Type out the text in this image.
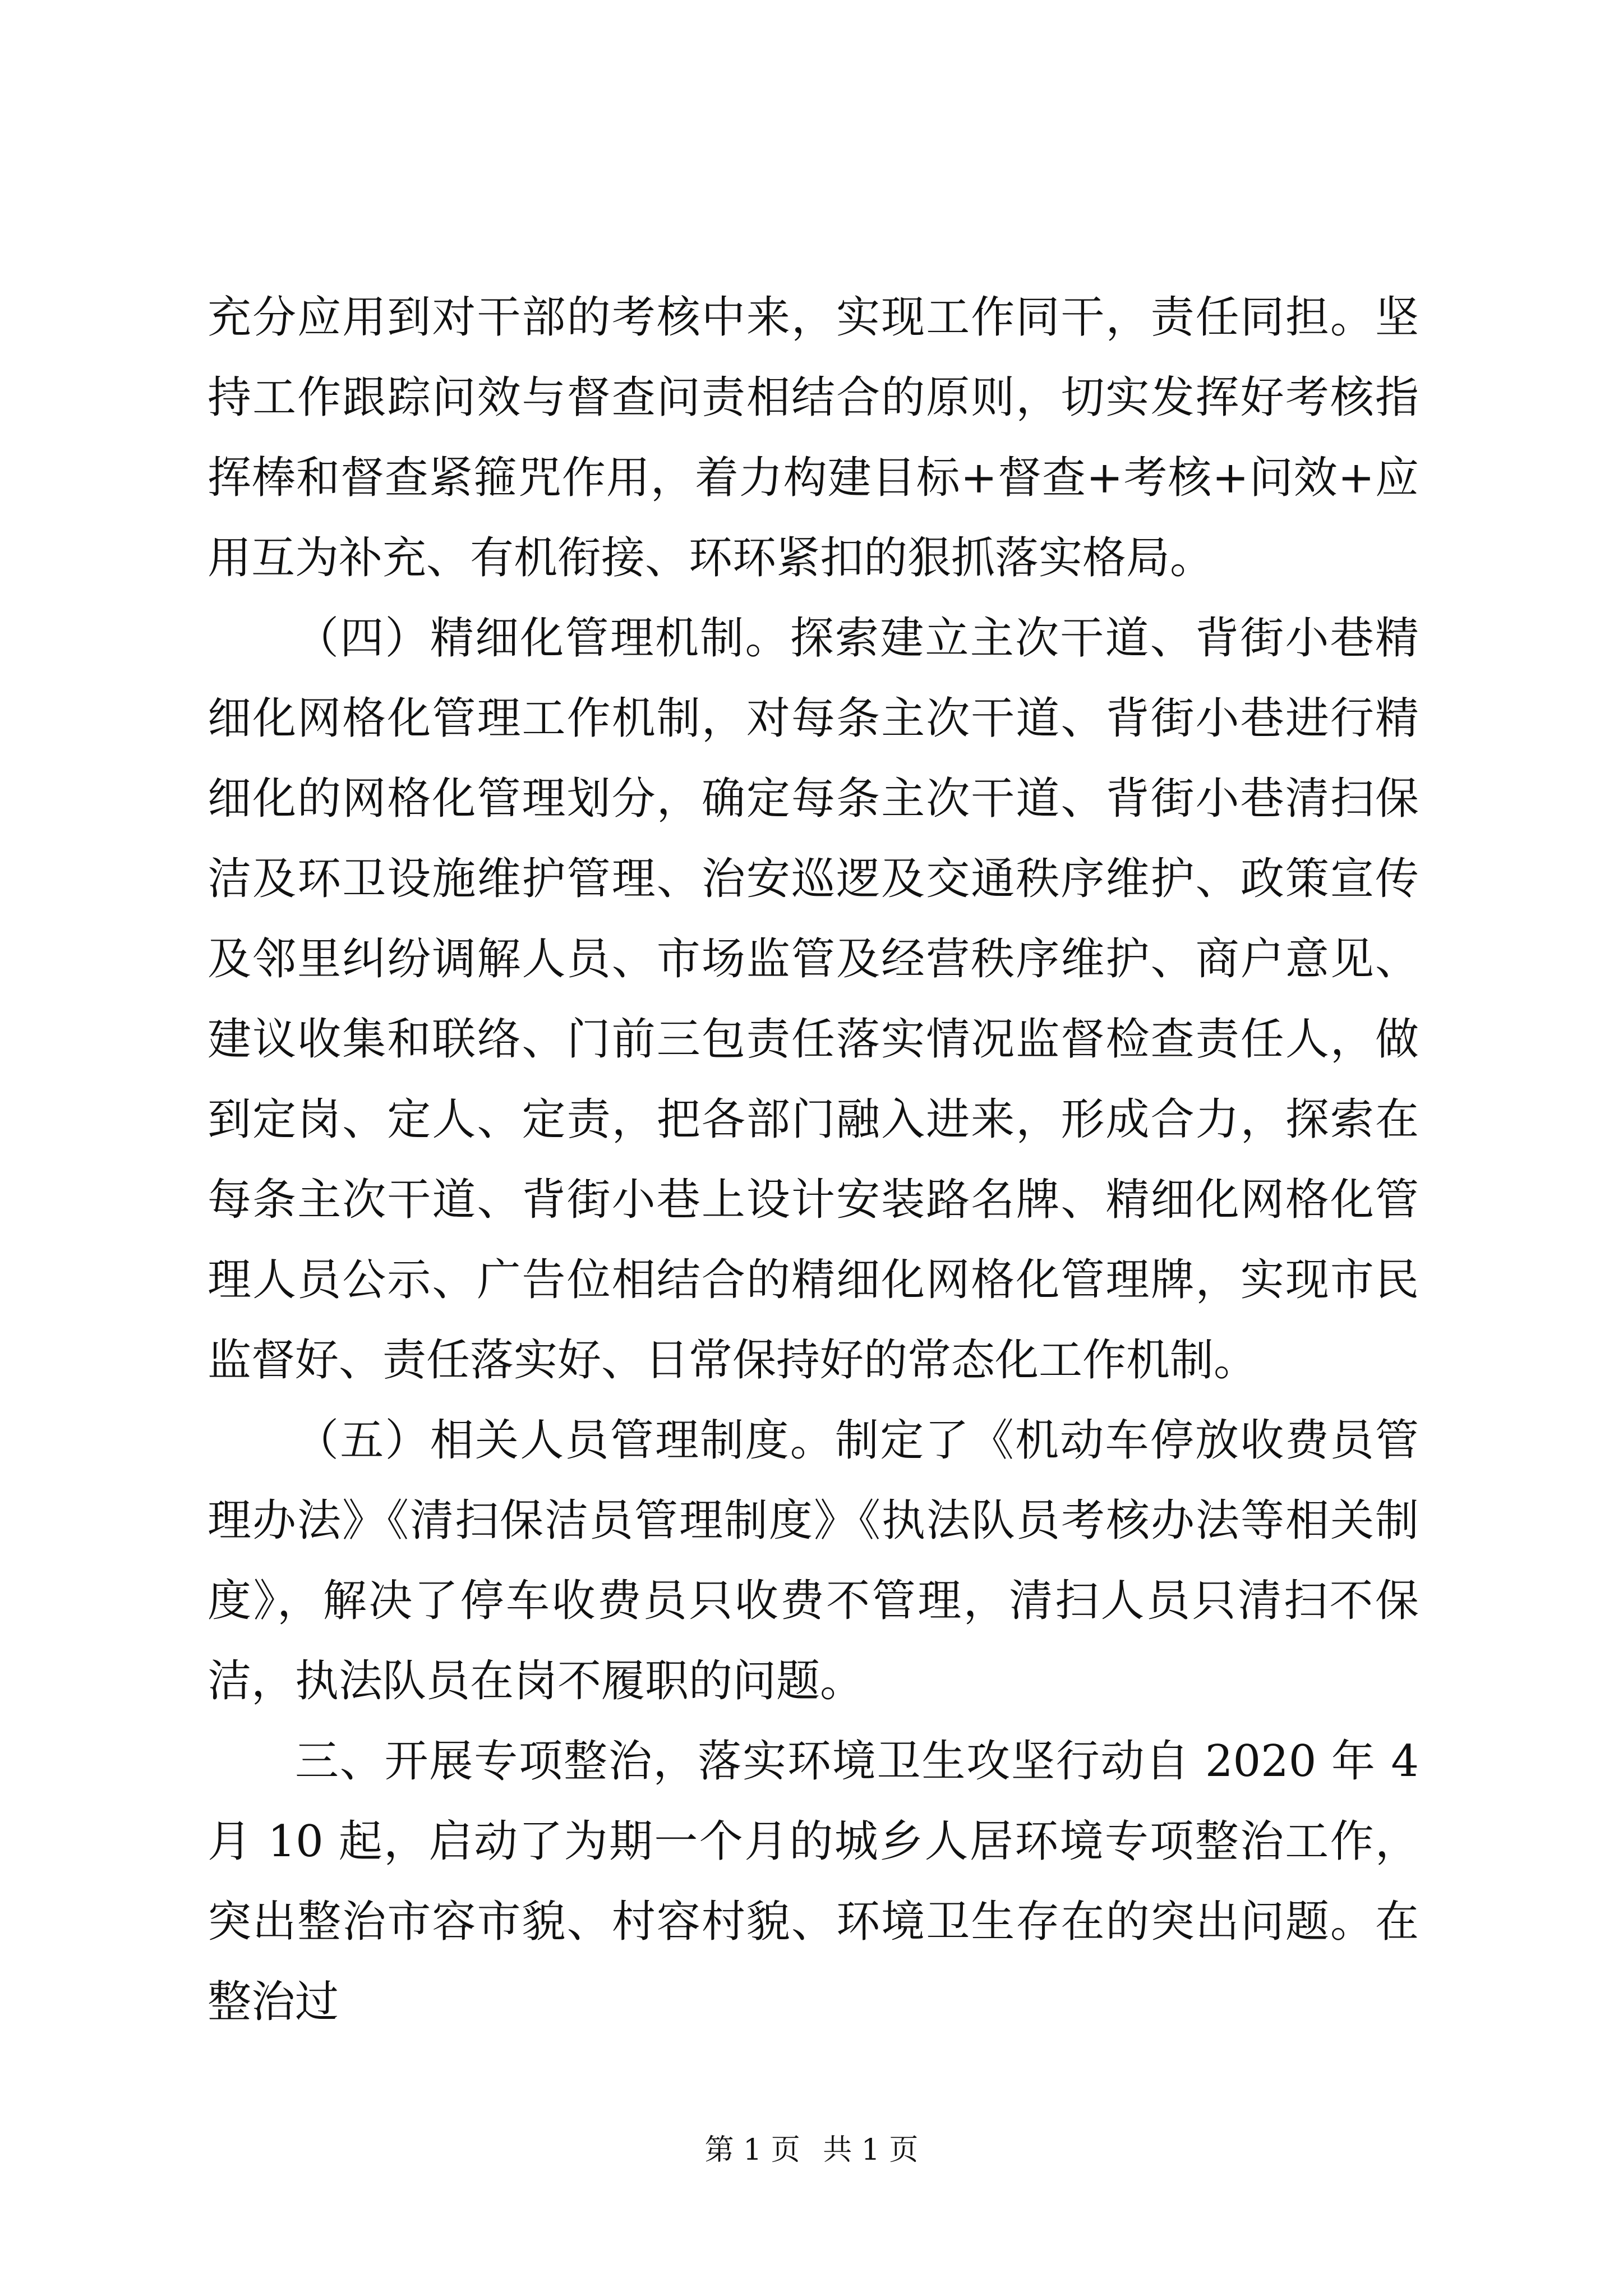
充分应用到对干部的考核中来，实现工作同干，责任同担。坚持工作跟踪问效与督查问责相结合的原则，切实发挥好考核指挥棒和督查紧箍咒作用，着力构建目标+督查+考核+问效+应用互为补充、有机衔接、环环紧扣的狠抓落实格局。

（四）精细化管理机制。探索建立主次干道、背街小巷精细化网格化管理工作机制，对每条主次干道、背街小巷进行精细化的网格化管理划分，确定每条主次干道、背街小巷清扫保洁及环卫设施维护管理、治安巡逻及交通秩序维护、政策宣传及邻里纠纷调解人员、市场监管及经营秩序维护、商户意见、建议收集和联络、门前三包责任落实情况监督检查责任人，做到定岗、定人、定责，把各部门融入进来，形成合力，探索在每条主次干道、背街小巷上设计安装路名牌、精细化网格化管理人员公示、广告位相结合的精细化网格化管理牌，实现市民监督好、责任落实好、日常保持好的常态化工作机制。

（五）相关人员管理制度。制定了《机动车停放收费员管理办法》《清扫保洁员管理制度》《执法队员考核办法等相关制度》，解决了停车收费员只收费不管理，清扫人员只清扫不保洁，执法队员在岗不履职的问题。

三、开展专项整治，落实环境卫生攻坚行动自 2020 年 4 月 10 起，启动了为期一个月的城乡人居环境专项整治工作，突出整治市容市貌、村容村貌、环境卫生存在的突出问题。在整治过

第 1 页 共 1 页
